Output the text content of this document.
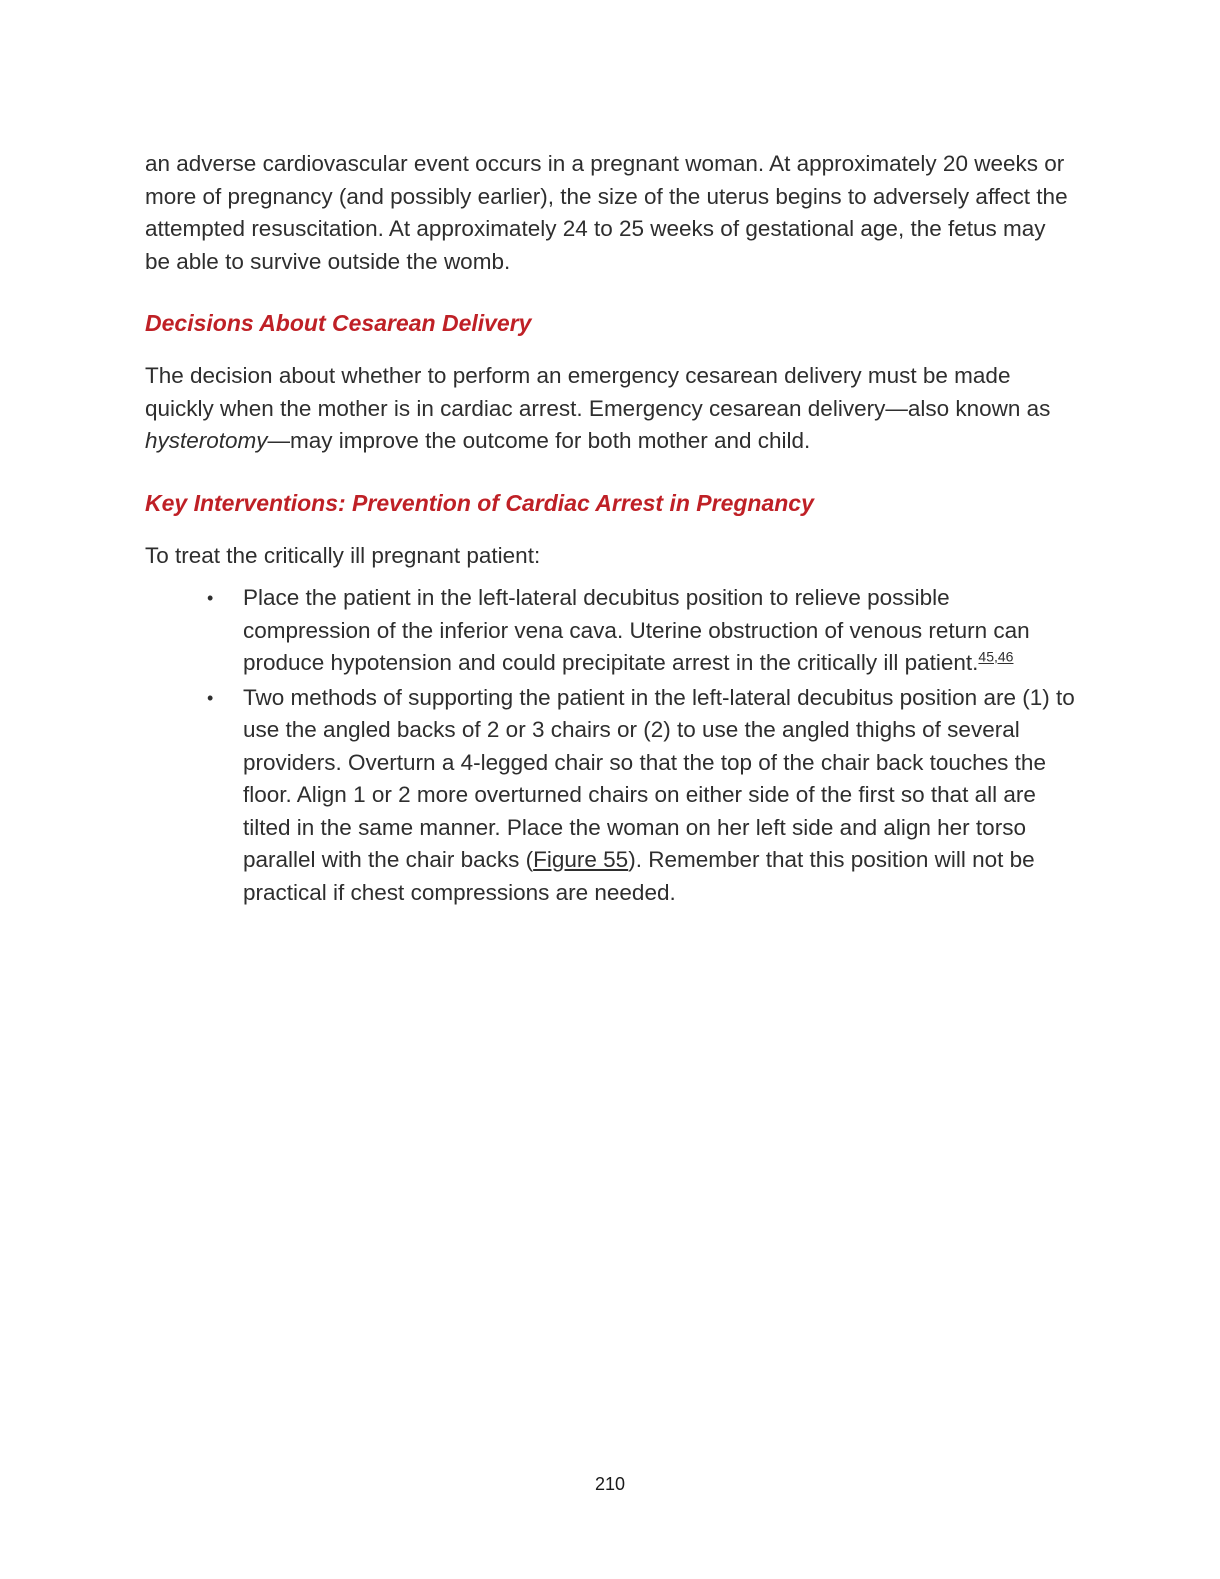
an adverse cardiovascular event occurs in a pregnant woman. At approximately 20 weeks or more of pregnancy (and possibly earlier), the size of the uterus begins to adversely affect the attempted resuscitation. At approximately 24 to 25 weeks of gestational age, the fetus may be able to survive outside the womb.

Decisions About Cesarean Delivery

The decision about whether to perform an emergency cesarean delivery must be made quickly when the mother is in cardiac arrest. Emergency cesarean delivery—also known as hysterotomy—may improve the outcome for both mother and child.

Key Interventions: Prevention of Cardiac Arrest in Pregnancy

To treat the critically ill pregnant patient:

• Place the patient in the left-lateral decubitus position to relieve possible compression of the inferior vena cava. Uterine obstruction of venous return can produce hypotension and could precipitate arrest in the critically ill patient.$^{45,46}$
• Two methods of supporting the patient in the left-lateral decubitus position are (1) to use the angled backs of 2 or 3 chairs or (2) to use the angled thighs of several providers. Overturn a 4-legged chair so that the top of the chair back touches the floor. Align 1 or 2 more overturned chairs on either side of the first so that all are tilted in the same manner. Place the woman on her left side and align her torso parallel with the chair backs (Figure 55). Remember that this position will not be practical if chest compressions are needed.
210
